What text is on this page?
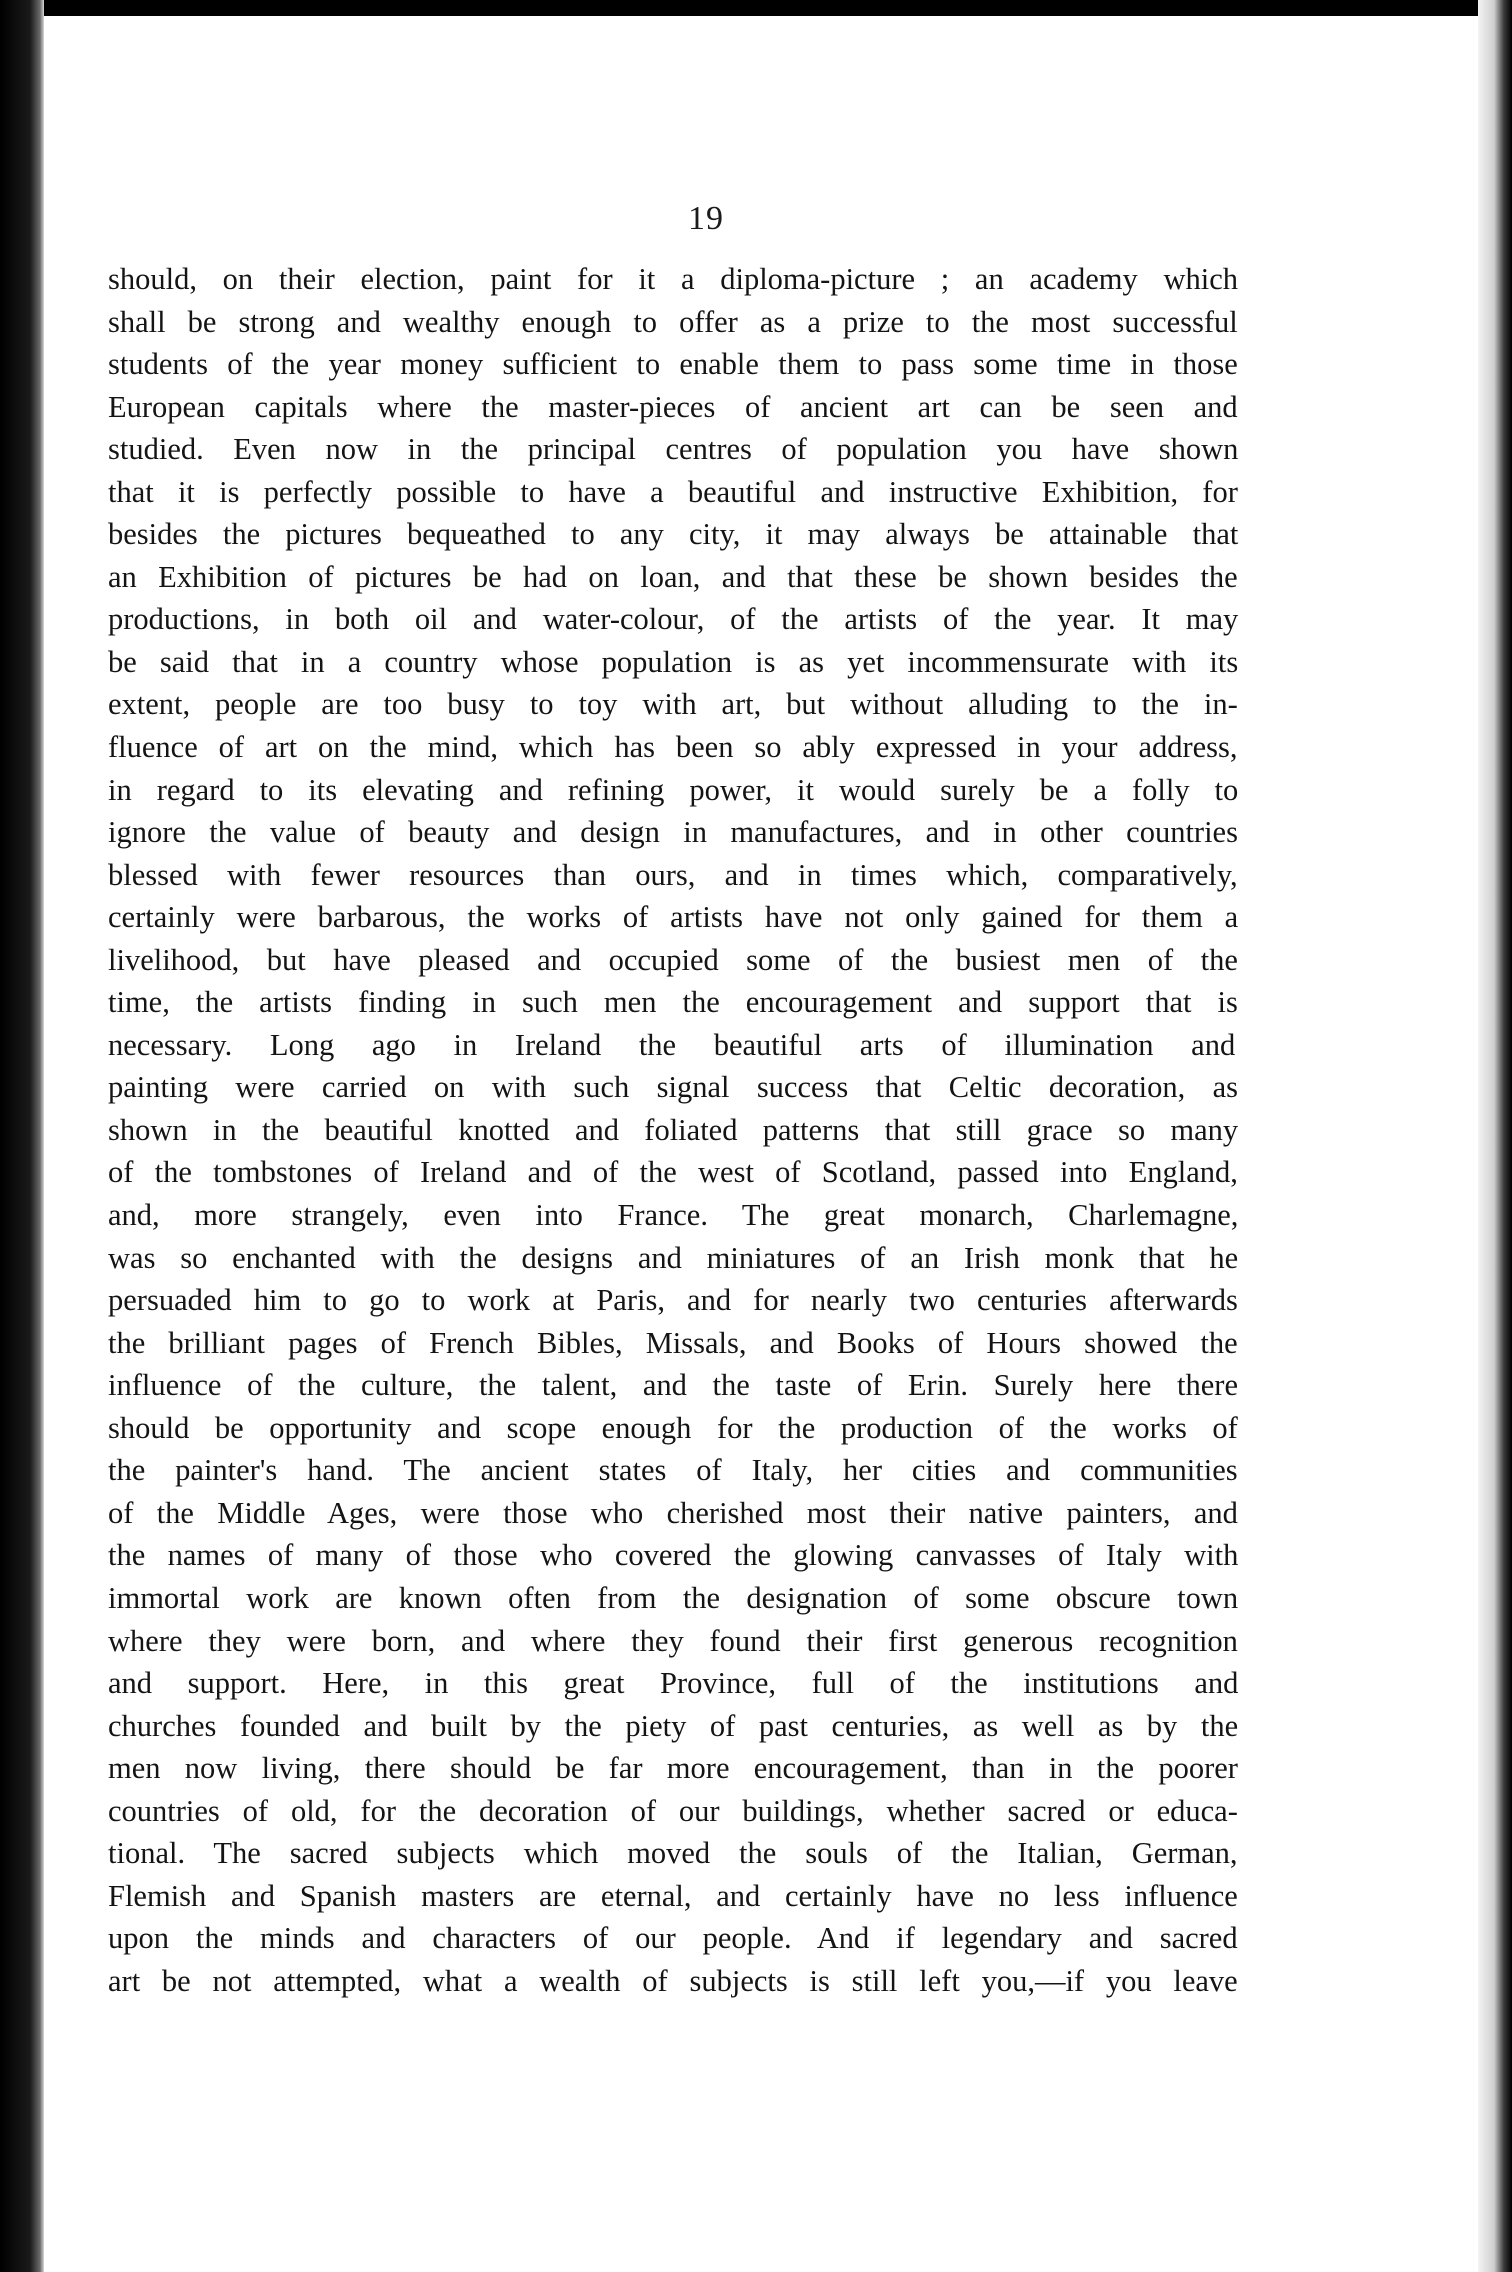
19
should, on their election, paint for it a diploma-picture ; an academy which
shall be strong and wealthy enough to offer as a prize to the most successful
students of the year money sufficient to enable them to pass some time in those
European capitals where the master-pieces of ancient art can be seen and
studied. Even now in the principal centres of population you have shown
that it is perfectly possible to have a beautiful and instructive Exhibition, for
besides the pictures bequeathed to any city, it may always be attainable that
an Exhibition of pictures be had on loan, and that these be shown besides the
productions, in both oil and water-colour, of the artists of the year. It may
be said that in a country whose population is as yet incommensurate with its
extent, people are too busy to toy with art, but without alluding to the in-
fluence of art on the mind, which has been so ably expressed in your address,
in regard to its elevating and refining power, it would surely be a folly to
ignore the value of beauty and design in manufactures, and in other countries
blessed with fewer resources than ours, and in times which, comparatively,
certainly were barbarous, the works of artists have not only gained for them a
livelihood, but have pleased and occupied some of the busiest men of the
time, the artists finding in such men the encouragement and support that is
necessary. Long ago in Ireland the beautiful arts of illumination and
painting were carried on with such signal success that Celtic decoration, as
shown in the beautiful knotted and foliated patterns that still grace so many
of the tombstones of Ireland and of the west of Scotland, passed into England,
and, more strangely, even into France. The great monarch, Charlemagne,
was so enchanted with the designs and miniatures of an Irish monk that he
persuaded him to go to work at Paris, and for nearly two centuries afterwards
the brilliant pages of French Bibles, Missals, and Books of Hours showed the
influence of the culture, the talent, and the taste of Erin. Surely here there
should be opportunity and scope enough for the production of the works of
the painter's hand. The ancient states of Italy, her cities and communities
of the Middle Ages, were those who cherished most their native painters, and
the names of many of those who covered the glowing canvasses of Italy with
immortal work are known often from the designation of some obscure town
where they were born, and where they found their first generous recognition
and support. Here, in this great Province, full of the institutions and
churches founded and built by the piety of past centuries, as well as by the
men now living, there should be far more encouragement, than in the poorer
countries of old, for the decoration of our buildings, whether sacred or educa-
tional. The sacred subjects which moved the souls of the Italian, German,
Flemish and Spanish masters are eternal, and certainly have no less influence
upon the minds and characters of our people. And if legendary and sacred
art be not attempted, what a wealth of subjects is still left you,—if you leave
